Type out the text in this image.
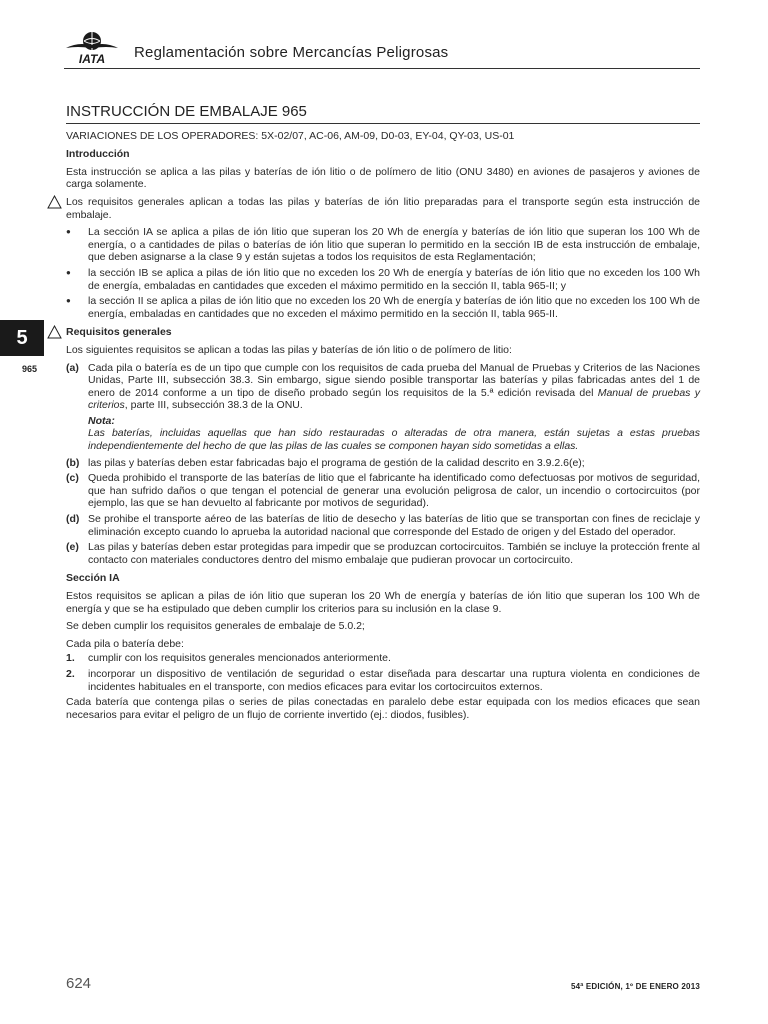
IATA Reglamentación sobre Mercancías Peligrosas
5
965
INSTRUCCIÓN DE EMBALAJE 965
VARIACIONES DE LOS OPERADORES: 5X-02/07, AC-06, AM-09, D0-03, EY-04, QY-03, US-01
Introducción

Esta instrucción se aplica a las pilas y baterías de ión litio o de polímero de litio (ONU 3480) en aviones de pasajeros y aviones de carga solamente.

Los requisitos generales aplican a todas las pilas y baterías de ión litio preparadas para el transporte según esta instrucción de embalaje.

● La sección IA se aplica a pilas de ión litio que superan los 20 Wh de energía y baterías de ión litio que superan los 100 Wh de energía, o a cantidades de pilas o baterías de ión litio que superan lo permitido en la sección IB de esta instrucción de embalaje, que deben asignarse a la clase 9 y están sujetas a todos los requisitos de esta Reglamentación;
● la sección IB se aplica a pilas de ión litio que no exceden los 20 Wh de energía y baterías de ión litio que no exceden los 100 Wh de energía, embaladas en cantidades que exceden el máximo permitido en la sección II, tabla 965-II; y
● la sección II se aplica a pilas de ión litio que no exceden los 20 Wh de energía y baterías de ión litio que no exceden los 100 Wh de energía, embaladas en cantidades que no exceden el máximo permitido en la sección II, tabla 965-II.
Requisitos generales

Los siguientes requisitos se aplican a todas las pilas y baterías de ión litio o de polímero de litio:

(a) Cada pila o batería es de un tipo que cumple con los requisitos de cada prueba del Manual de Pruebas y Criterios de las Naciones Unidas, Parte III, subsección 38.3. Sin embargo, sigue siendo posible transportar las baterías y pilas fabricadas antes del 1 de enero de 2014 conforme a un tipo de diseño probado según los requisitos de la 5.ª edición revisada del Manual de pruebas y criterios, parte III, subsección 38.3 de la ONU.
Nota:
Las baterías, incluidas aquellas que han sido restauradas o alteradas de otra manera, están sujetas a estas pruebas independientemente del hecho de que las pilas de las cuales se componen hayan sido sometidas a ellas.
(b) las pilas y baterías deben estar fabricadas bajo el programa de gestión de la calidad descrito en 3.9.2.6(e);
(c) Queda prohibido el transporte de las baterías de litio que el fabricante ha identificado como defectuosas por motivos de seguridad, que han sufrido daños o que tengan el potencial de generar una evolución peligrosa de calor, un incendio o cortocircuitos (por ejemplo, las que se han devuelto al fabricante por motivos de seguridad).
(d) Se prohibe el transporte aéreo de las baterías de litio de desecho y las baterías de litio que se transportan con fines de reciclaje y eliminación excepto cuando lo aprueba la autoridad nacional que corresponde del Estado de origen y del Estado del operador.
(e) Las pilas y baterías deben estar protegidas para impedir que se produzcan cortocircuitos. También se incluye la protección frente al contacto con materiales conductores dentro del mismo embalaje que pudieran provocar un cortocircuito.
Sección IA

Estos requisitos se aplican a pilas de ión litio que superan los 20 Wh de energía y baterías de ión litio que superan los 100 Wh de energía y que se ha estipulado que deben cumplir los criterios para su inclusión en la clase 9.

Se deben cumplir los requisitos generales de embalaje de 5.0.2;

Cada pila o batería debe:

1. cumplir con los requisitos generales mencionados anteriormente.
2. incorporar un dispositivo de ventilación de seguridad o estar diseñada para descartar una ruptura violenta en condiciones de incidentes habituales en el transporte, con medios eficaces para evitar los cortocircuitos externos.

Cada batería que contenga pilas o series de pilas conectadas en paralelo debe estar equipada con los medios eficaces que sean necesarios para evitar el peligro de un flujo de corriente invertido (ej.: diodos, fusibles).

624	54ª EDICIÓN, 1º DE ENERO 2013
